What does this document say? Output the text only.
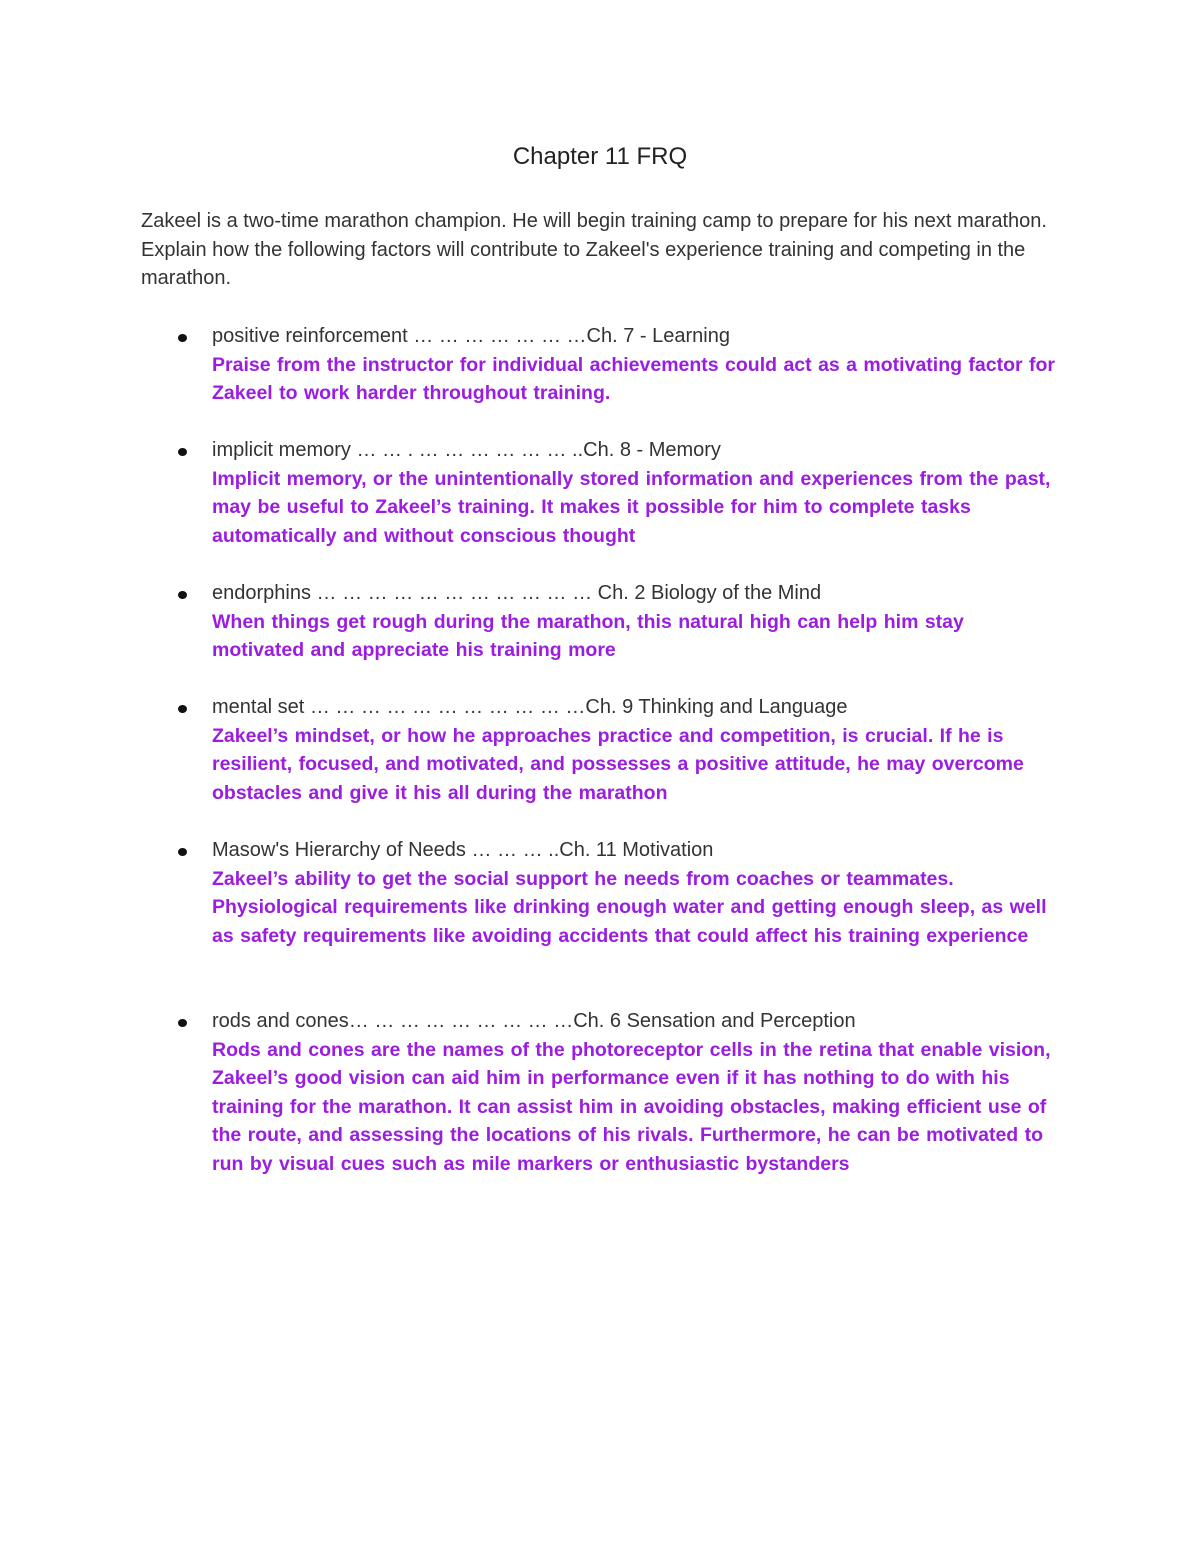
Chapter 11 FRQ
Zakeel is a two-time marathon champion. He will begin training camp to prepare for his next marathon. Explain how the following factors will contribute to Zakeel's experience training and competing in the marathon.
positive reinforcement … … … … … … …Ch. 7 - Learning
Praise from the instructor for individual achievements could act as a motivating factor for Zakeel to work harder throughout training.
implicit memory … … . … … … … … … ..Ch. 8 - Memory
Implicit memory, or the unintentionally stored information and experiences from the past, may be useful to Zakeel’s training. It makes it possible for him to complete tasks automatically and without conscious thought
endorphins … … … … … … … … … … … Ch. 2 Biology of the Mind
When things get rough during the marathon, this natural high can help him stay motivated and appreciate his training more
mental set … … … … … … … … … … …Ch. 9 Thinking and Language
Zakeel’s mindset, or how he approaches practice and competition, is crucial. If he is resilient, focused, and motivated, and possesses a positive attitude, he may overcome obstacles and give it his all during the marathon
Masow's Hierarchy of Needs … … … ..Ch. 11 Motivation
Zakeel’s ability to get the social support he needs from coaches or teammates. Physiological requirements like drinking enough water and getting enough sleep, as well as safety requirements like avoiding accidents that could affect his training experience
rods and cones… … … … … … … … …Ch. 6 Sensation and Perception
Rods and cones are the names of the photoreceptor cells in the retina that enable vision, Zakeel’s good vision can aid him in performance even if it has nothing to do with his training for the marathon. It can assist him in avoiding obstacles, making efficient use of the route, and assessing the locations of his rivals. Furthermore, he can be motivated to run by visual cues such as mile markers or enthusiastic bystanders
